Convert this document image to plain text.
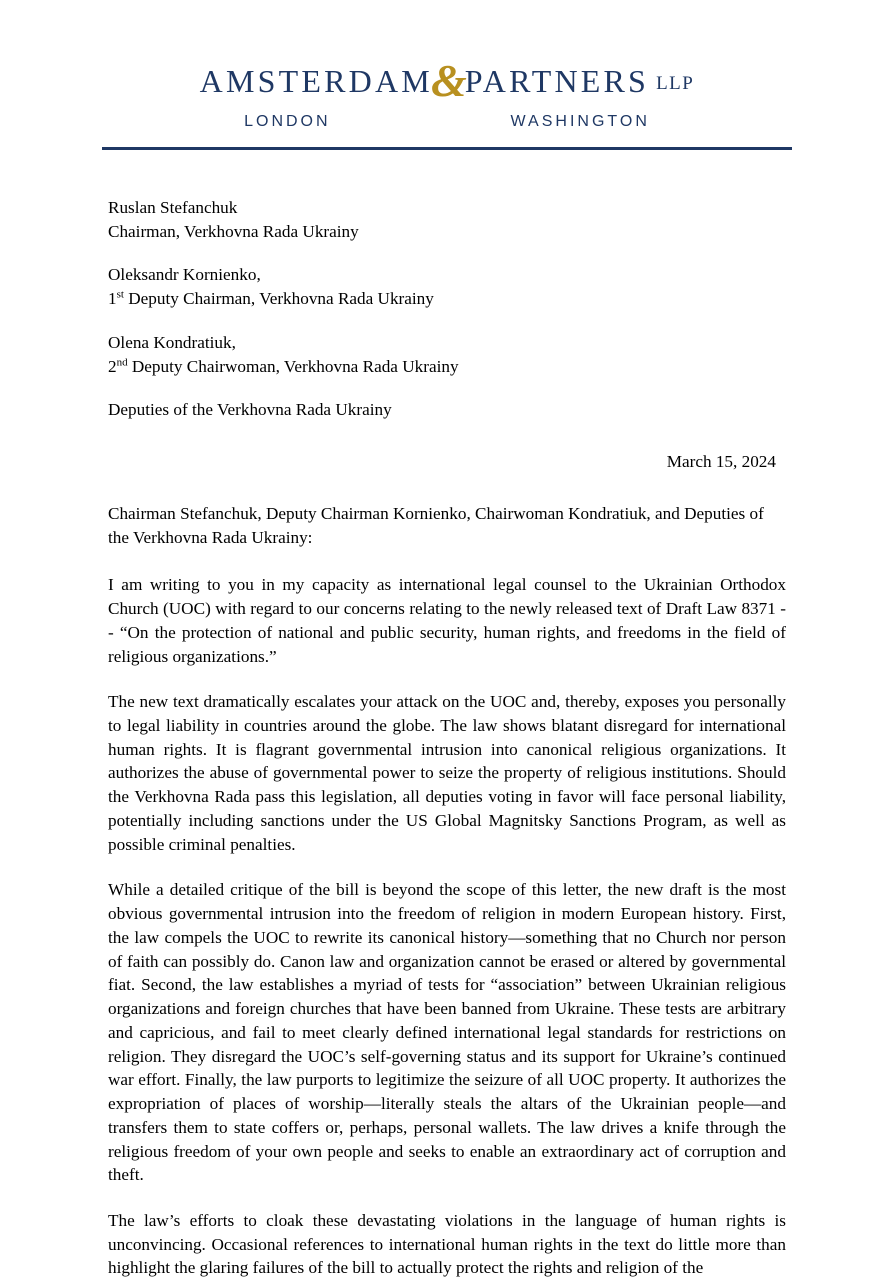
AMSTERDAM&PARTNERS LLP
LONDON	WASHINGTON
Ruslan Stefanchuk
Chairman, Verkhovna Rada Ukrainy
Oleksandr Kornienko,
1st Deputy Chairman, Verkhovna Rada Ukrainy
Olena Kondratiuk,
2nd Deputy Chairwoman, Verkhovna Rada Ukrainy
Deputies of the Verkhovna Rada Ukrainy
March 15, 2024

Chairman Stefanchuk, Deputy Chairman Kornienko, Chairwoman Kondratiuk, and Deputies of the Verkhovna Rada Ukrainy:

I am writing to you in my capacity as international legal counsel to the Ukrainian Orthodox Church (UOC) with regard to our concerns relating to the newly released text of Draft Law 8371 -- “On the protection of national and public security, human rights, and freedoms in the field of religious organizations.”

The new text dramatically escalates your attack on the UOC and, thereby, exposes you personally to legal liability in countries around the globe. The law shows blatant disregard for international human rights. It is flagrant governmental intrusion into canonical religious organizations. It authorizes the abuse of governmental power to seize the property of religious institutions. Should the Verkhovna Rada pass this legislation, all deputies voting in favor will face personal liability, potentially including sanctions under the US Global Magnitsky Sanctions Program, as well as possible criminal penalties.

While a detailed critique of the bill is beyond the scope of this letter, the new draft is the most obvious governmental intrusion into the freedom of religion in modern European history. First, the law compels the UOC to rewrite its canonical history—something that no Church nor person of faith can possibly do. Canon law and organization cannot be erased or altered by governmental fiat. Second, the law establishes a myriad of tests for “association” between Ukrainian religious organizations and foreign churches that have been banned from Ukraine. These tests are arbitrary and capricious, and fail to meet clearly defined international legal standards for restrictions on religion. They disregard the UOC’s self-governing status and its support for Ukraine’s continued war effort. Finally, the law purports to legitimize the seizure of all UOC property. It authorizes the expropriation of places of worship—literally steals the altars of the Ukrainian people—and transfers them to state coffers or, perhaps, personal wallets. The law drives a knife through the religious freedom of your own people and seeks to enable an extraordinary act of corruption and theft.

The law’s efforts to cloak these devastating violations in the language of human rights is unconvincing. Occasional references to international human rights in the text do little more than highlight the glaring failures of the bill to actually protect the rights and religion of the
